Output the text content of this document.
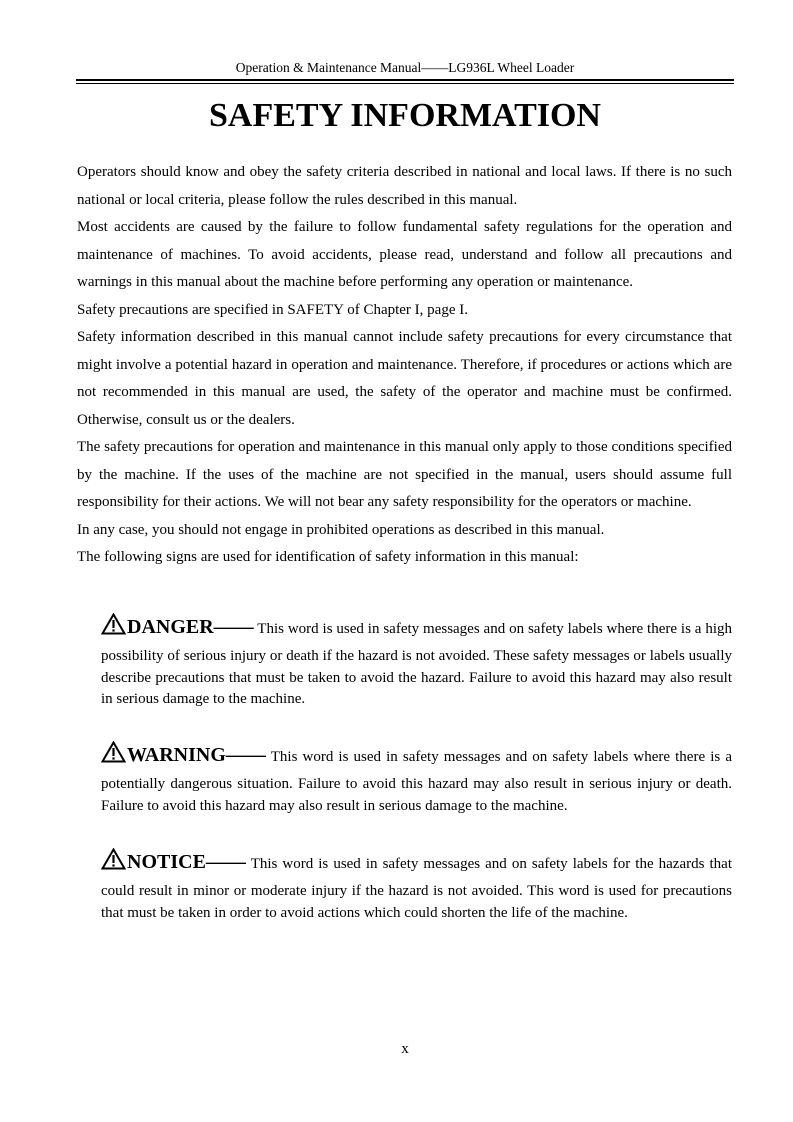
Operation & Maintenance Manual——LG936L Wheel Loader
SAFETY INFORMATION

Operators should know and obey the safety criteria described in national and local laws. If there is no such national or local criteria, please follow the rules described in this manual.

Most accidents are caused by the failure to follow fundamental safety regulations for the operation and maintenance of machines. To avoid accidents, please read, understand and follow all precautions and warnings in this manual about the machine before performing any operation or maintenance.

Safety precautions are specified in SAFETY of Chapter I, page I.

Safety information described in this manual cannot include safety precautions for every circumstance that might involve a potential hazard in operation and maintenance. Therefore, if procedures or actions which are not recommended in this manual are used, the safety of the operator and machine must be confirmed. Otherwise, consult us or the dealers.

The safety precautions for operation and maintenance in this manual only apply to those conditions specified by the machine. If the uses of the machine are not specified in the manual, users should assume full responsibility for their actions. We will not bear any safety responsibility for the operators or machine.

In any case, you should not engage in prohibited operations as described in this manual.

The following signs are used for identification of safety information in this manual:

DANGER—— This word is used in safety messages and on safety labels where there is a high possibility of serious injury or death if the hazard is not avoided. These safety messages or labels usually describe precautions that must be taken to avoid the hazard. Failure to avoid this hazard may also result in serious damage to the machine.
WARNING—— This word is used in safety messages and on safety labels where there is a potentially dangerous situation. Failure to avoid this hazard may also result in serious injury or death. Failure to avoid this hazard may also result in serious damage to the machine.
NOTICE—— This word is used in safety messages and on safety labels for the hazards that could result in minor or moderate injury if the hazard is not avoided. This word is used for precautions that must be taken in order to avoid actions which could shorten the life of the machine.
x
